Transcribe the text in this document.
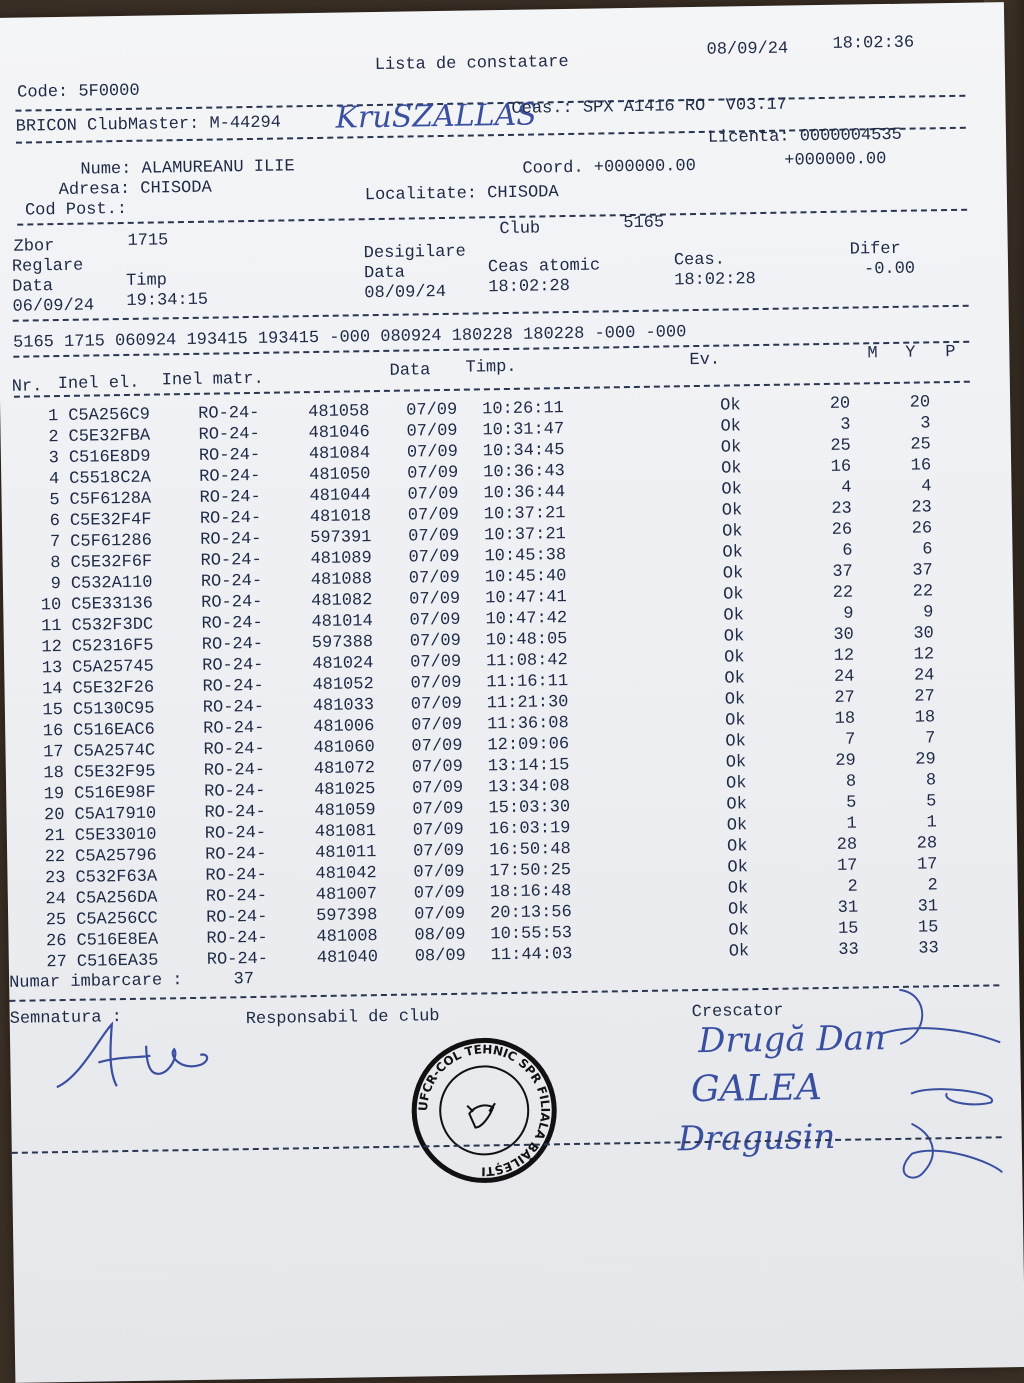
Lista de constatare
08/09/24	18:02:36
Code: 5F0000
BRICON ClubMaster: M-44294 KruSZALLAS
Ceas.: SPX A1416 RO  V03.17
Licenta: 0000004535
Nume: ALAMUREANU ILIE	Coord. +000000.00	+000000.00
Adresa: CHISODA	Localitate: CHISODA
Cod Post.:
Zbor	1715
Club	5165
Reglare
Desigilare	Difer
Data	Timp	Data	Ceas atomic	Ceas.	-0.00
06/09/24 19:34:15	08/09/24 18:02:28	18:02:28
5165 1715 060924 193415 193415 -000 080924 180228 180228 -000 -000
Nr. Inel el. Inel matr.	Data Timp.	Ev.	M Y P
1 C5A256C9	RO-24-	481058 07/09 10:26:11	Ok	20	20
2 C5E32FBA	RO-24-	481046 07/09 10:31:47	Ok	3	3
3 C516E8D9	RO-24-	481084 07/09 10:34:45	Ok	25	25
4 C5518C2A	RO-24-	481050 07/09 10:36:43	Ok	16	16
5 C5F6128A	RO-24-	481044 07/09 10:36:44	Ok	4	4
6 C5E32F4F	RO-24-	481018 07/09 10:37:21	Ok	23	23
7 C5F61286	RO-24-	597391 07/09 10:37:21	Ok	26	26
8 C5E32F6F	RO-24-	481089 07/09 10:45:38	Ok	6	6
9 C532A110	RO-24-	481088 07/09 10:45:40	Ok	37	37
10 C5E33136	RO-24-	481082 07/09 10:47:41	Ok	22	22
11 C532F3DC	RO-24-	481014 07/09 10:47:42	Ok	9	9
12 C52316F5	RO-24-	597388 07/09 10:48:05	Ok	30	30
13 C5A25745	RO-24-	481024 07/09 11:08:42	Ok	12	12
14 C5E32F26	RO-24-	481052 07/09 11:16:11	Ok	24	24
15 C5130C95	RO-24-	481033 07/09 11:21:30	Ok	27	27
16 C516EAC6	RO-24-	481006 07/09 11:36:08	Ok	18	18
17 C5A2574C	RO-24-	481060 07/09 12:09:06	Ok	7	7
18 C5E32F95	RO-24-	481072 07/09 13:14:15	Ok	29	29
19 C516E98F	RO-24-	481025 07/09 13:34:08	Ok	8	8
20 C5A17910	RO-24-	481059 07/09 15:03:30	Ok	5	5
21 C5E33010	RO-24-	481081 07/09 16:03:19	Ok	1	1
22 C5A25796	RO-24-	481011 07/09 16:50:48	Ok	28	28
23 C532F63A	RO-24-	481042 07/09 17:50:25	Ok	17	17
24 C5A256DA	RO-24-	481007 07/09 18:16:48	Ok	2	2
25 C5A256CC	RO-24-	597398 07/09 20:13:56	Ok	31	31
26 C516E8EA	RO-24-	481008 08/09 10:55:53	Ok	15	15
27 C516EA35	RO-24-	481040 08/09 11:44:03	Ok	33	33
Numar imbarcare :     37
Semnatura :	Responsabil de club	Crescator
Drugă Dan
GALEA
Dragusin
UFCR-COL TEHNIC SPR FILIALA BĂILEȘTI
